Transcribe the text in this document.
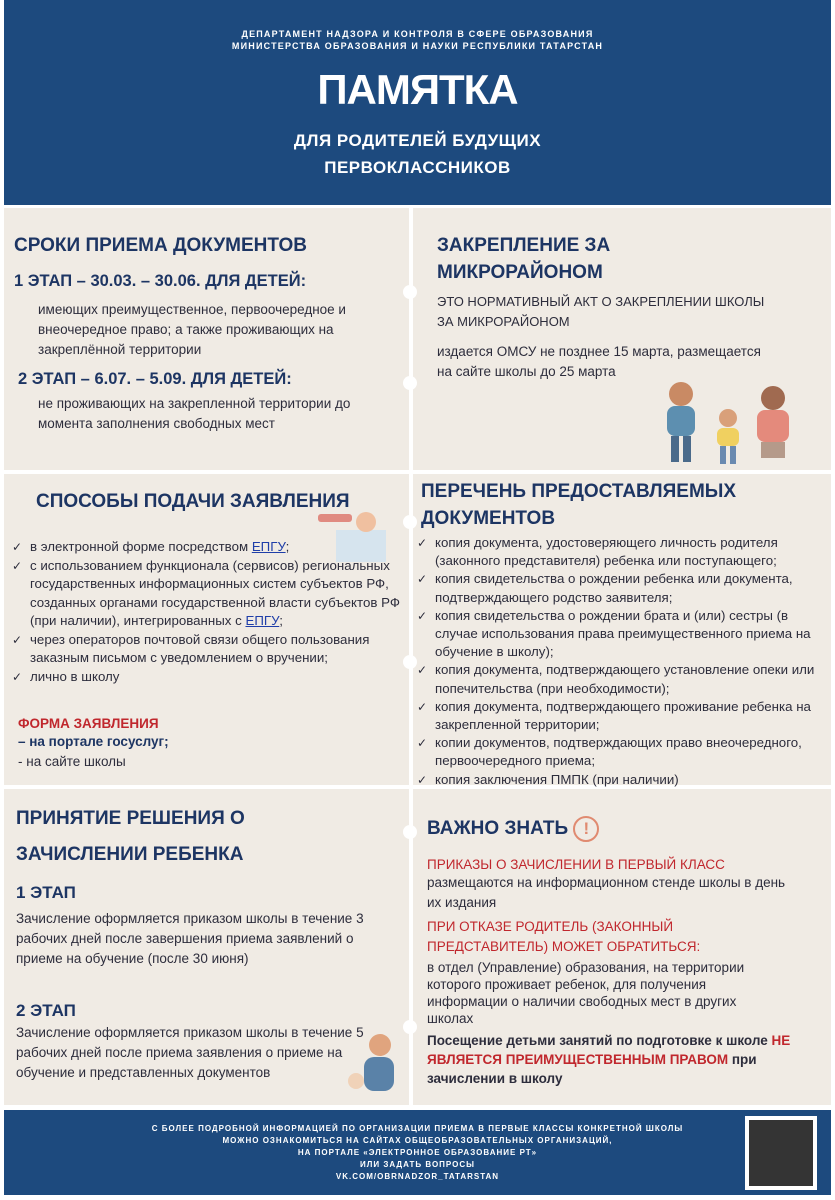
ДЕПАРТАМЕНТ НАДЗОРА И КОНТРОЛЯ В СФЕРЕ ОБРАЗОВАНИЯ
МИНИСТЕРСТВА ОБРАЗОВАНИЯ И НАУКИ РЕСПУБЛИКИ ТАТАРСТАН
ПАМЯТКА
ДЛЯ РОДИТЕЛЕЙ БУДУЩИХ
ПЕРВОКЛАССНИКОВ
СРОКИ ПРИЕМА ДОКУМЕНТОВ
1 ЭТАП – 30.03. – 30.06. ДЛЯ ДЕТЕЙ:
имеющих преимущественное, первоочередное и внеочередное право; а также проживающих на закреплённой территории
2 ЭТАП – 6.07. – 5.09. ДЛЯ ДЕТЕЙ:
не проживающих на закрепленной территории до момента заполнения свободных мест
ЗАКРЕПЛЕНИЕ ЗА МИКРОРАЙОНОМ
ЭТО НОРМАТИВНЫЙ АКТ О ЗАКРЕПЛЕНИИ ШКОЛЫ ЗА МИКРОРАЙОНОМ
издается ОМСУ не позднее 15 марта, размещается на сайте школы до 25 марта
СПОСОБЫ ПОДАЧИ ЗАЯВЛЕНИЯ
✓ в электронной форме посредством ЕПГУ;
✓ с использованием функционала (сервисов) региональных государственных информационных систем субъектов РФ, созданных органами государственной власти субъектов РФ (при наличии), интегрированных с ЕПГУ;
✓ через операторов почтовой связи общего пользования заказным письмом с уведомлением о вручении;
✓ лично в школу
ФОРМА ЗАЯВЛЕНИЯ
– на портале госуслуг;
- на сайте школы
ПЕРЕЧЕНЬ ПРЕДОСТАВЛЯЕМЫХ ДОКУМЕНТОВ
✓ копия документа, удостоверяющего личность родителя (законного представителя) ребенка или поступающего;
✓ копия свидетельства о рождении ребенка или документа, подтверждающего родство заявителя;
✓ копия свидетельства о рождении брата и (или) сестры (в случае использования права преимущественного приема на обучение в школу);
✓ копия документа, подтверждающего установление опеки или попечительства (при необходимости);
✓ копия документа, подтверждающего проживание ребенка на закрепленной территории;
✓ копии документов, подтверждающих право внеочередного, первоочередного приема;
✓ копия заключения ПМПК (при наличии)
ПРИНЯТИЕ РЕШЕНИЯ О ЗАЧИСЛЕНИИ РЕБЕНКА
1 ЭТАП
Зачисление оформляется приказом школы в течение 3 рабочих дней после завершения приема заявлений о приеме на обучение (после 30 июня)
2 ЭТАП
Зачисление оформляется приказом школы в течение 5 рабочих дней после приема заявления о приеме на обучение и представленных документов
ВАЖНО ЗНАТЬ !
ПРИКАЗЫ О ЗАЧИСЛЕНИИ В ПЕРВЫЙ КЛАСС
размещаются на информационном стенде школы в день их издания
ПРИ ОТКАЗЕ РОДИТЕЛЬ (ЗАКОННЫЙ ПРЕДСТАВИТЕЛЬ) МОЖЕТ ОБРАТИТЬСЯ:
в отдел (Управление) образования, на территории которого проживает ребенок, для получения информации о наличии свободных мест в других школах
Посещение детьми занятий по подготовке к школе НЕ ЯВЛЯЕТСЯ ПРЕИМУЩЕСТВЕННЫМ ПРАВОМ при зачислении в школу
С БОЛЕЕ ПОДРОБНОЙ ИНФОРМАЦИЕЙ ПО ОРГАНИЗАЦИИ ПРИЕМА В ПЕРВЫЕ КЛАССЫ КОНКРЕТНОЙ ШКОЛЫ
МОЖНО ОЗНАКОМИТЬСЯ НА САЙТАХ ОБЩЕОБРАЗОВАТЕЛЬНЫХ ОРГАНИЗАЦИЙ,
НА ПОРТАЛЕ «ЭЛЕКТРОННОЕ ОБРАЗОВАНИЕ РТ»
ИЛИ ЗАДАТЬ ВОПРОСЫ
VK.COM/OBRNADZOR_TATARSTAN
